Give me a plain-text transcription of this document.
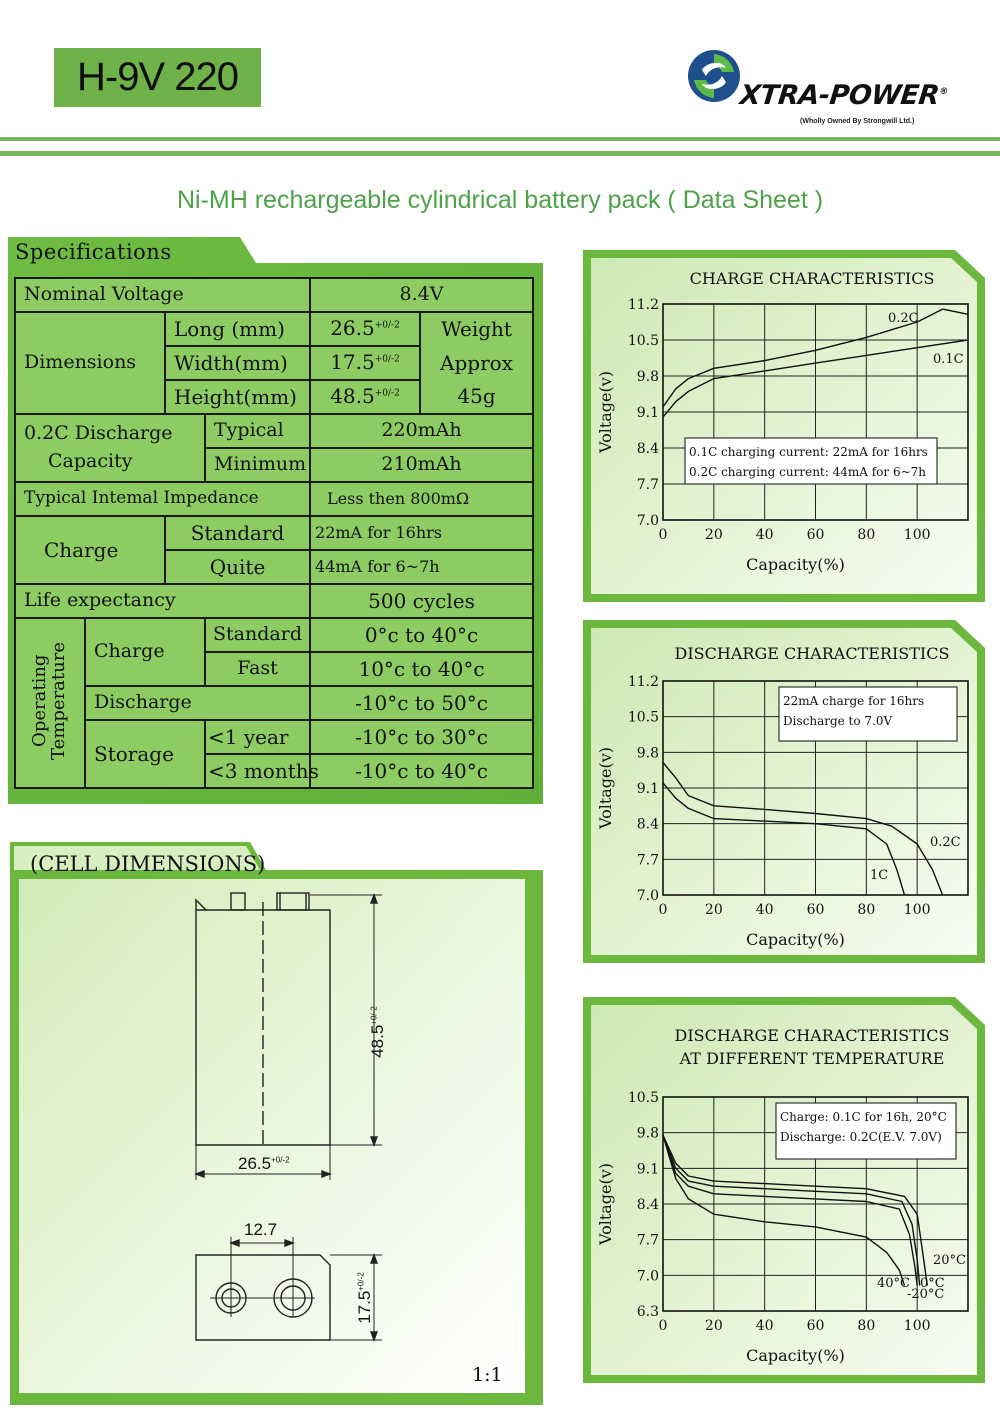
H-9V 220	XTRA-POWER®
(Wholly Owned By Strongwill Ltd.)
Ni-MH rechargeable cylindrical battery pack ( Data Sheet )
Specifications
Nominal Voltage				8.4V	
Dimensions		Long (mm)		$26.5^{+0/-2}$	Weight
		Width(mm)		$17.5^{+0/-2}$	Approx
		Height(mm)		$48.5^{+0/-2}$	45g
0.2C Discharge
Capacity			Typical	220mAh	
			Minimum	210mAh	
Typical Intemal Impedance				Less then 800mΩ	
Charge		Standard		22mA for 16hrs	
		Quite		44mA for 6~7h	
Life expectancy				500 cycles	
Operating
Temperature	Charge		Standard	0°c to 40°c	
			Fast	10°c to 40°c	
	Discharge			-10°c to 50°c	
	Storage		<1 year	-10°c to 30°c	
			<3 months	-10°c to 40°c	
(CELL DIMENSIONS)
$48.5^{+0/-2}$
$26.5^{+0/-2}$
12.7
$17.5^{+0/-2}$
1:1
CHARGE CHARACTERISTICS
7.0
7.7
8.4
9.1
9.8
10.5
11.2
0	20 40 60 80 100
Capacity(%)
Voltage(v)
0.2C
0.1C
0.1C charging current: 22mA for 16hrs
0.2C charging current: 44mA for 6~7h
DISCHARGE CHARACTERISTICS
7.0
7.7
8.4
9.1
9.8
10.5
11.2
0	20 40 60 80 100
Capacity(%)
Voltage(v)
0.2C
1C
22mA charge for 16hrs
Discharge to 7.0V
DISCHARGE CHARACTERISTICS
AT DIFFERENT TEMPERATURE
6.3
7.0
7.7
8.4
9.1
9.8
10.5
0	20 40 60 80 100
Capacity(%)
Voltage(v)
20°C
40°C 0°C
-20°C
Charge: 0.1C for 16h, 20°C
Discharge: 0.2C(E.V. 7.0V)
